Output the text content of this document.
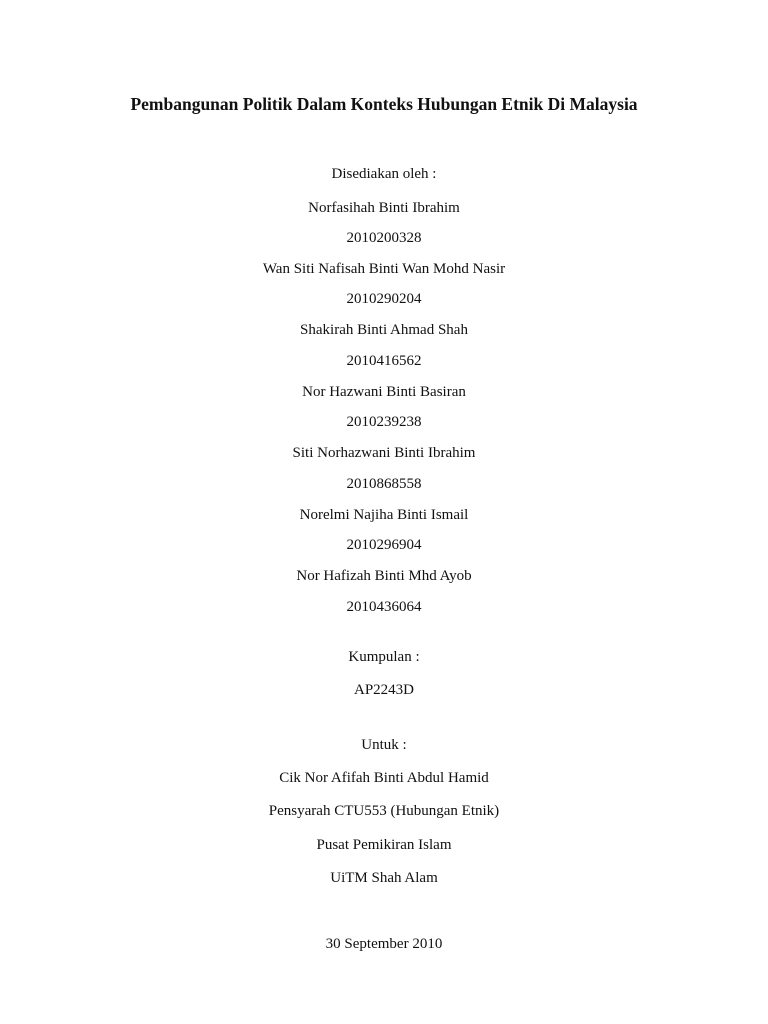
Pembangunan Politik Dalam Konteks Hubungan Etnik Di Malaysia
Disediakan oleh :
Norfasihah Binti Ibrahim
2010200328
Wan Siti Nafisah Binti Wan Mohd Nasir
2010290204
Shakirah Binti Ahmad Shah
2010416562
Nor Hazwani Binti Basiran
2010239238
Siti Norhazwani Binti Ibrahim
2010868558
Norelmi Najiha Binti Ismail
2010296904
Nor Hafizah Binti Mhd Ayob
2010436064
Kumpulan :
AP2243D
Untuk :
Cik Nor Afifah Binti Abdul Hamid
Pensyarah CTU553 (Hubungan Etnik)
Pusat Pemikiran Islam
UiTM Shah Alam
30 September 2010
